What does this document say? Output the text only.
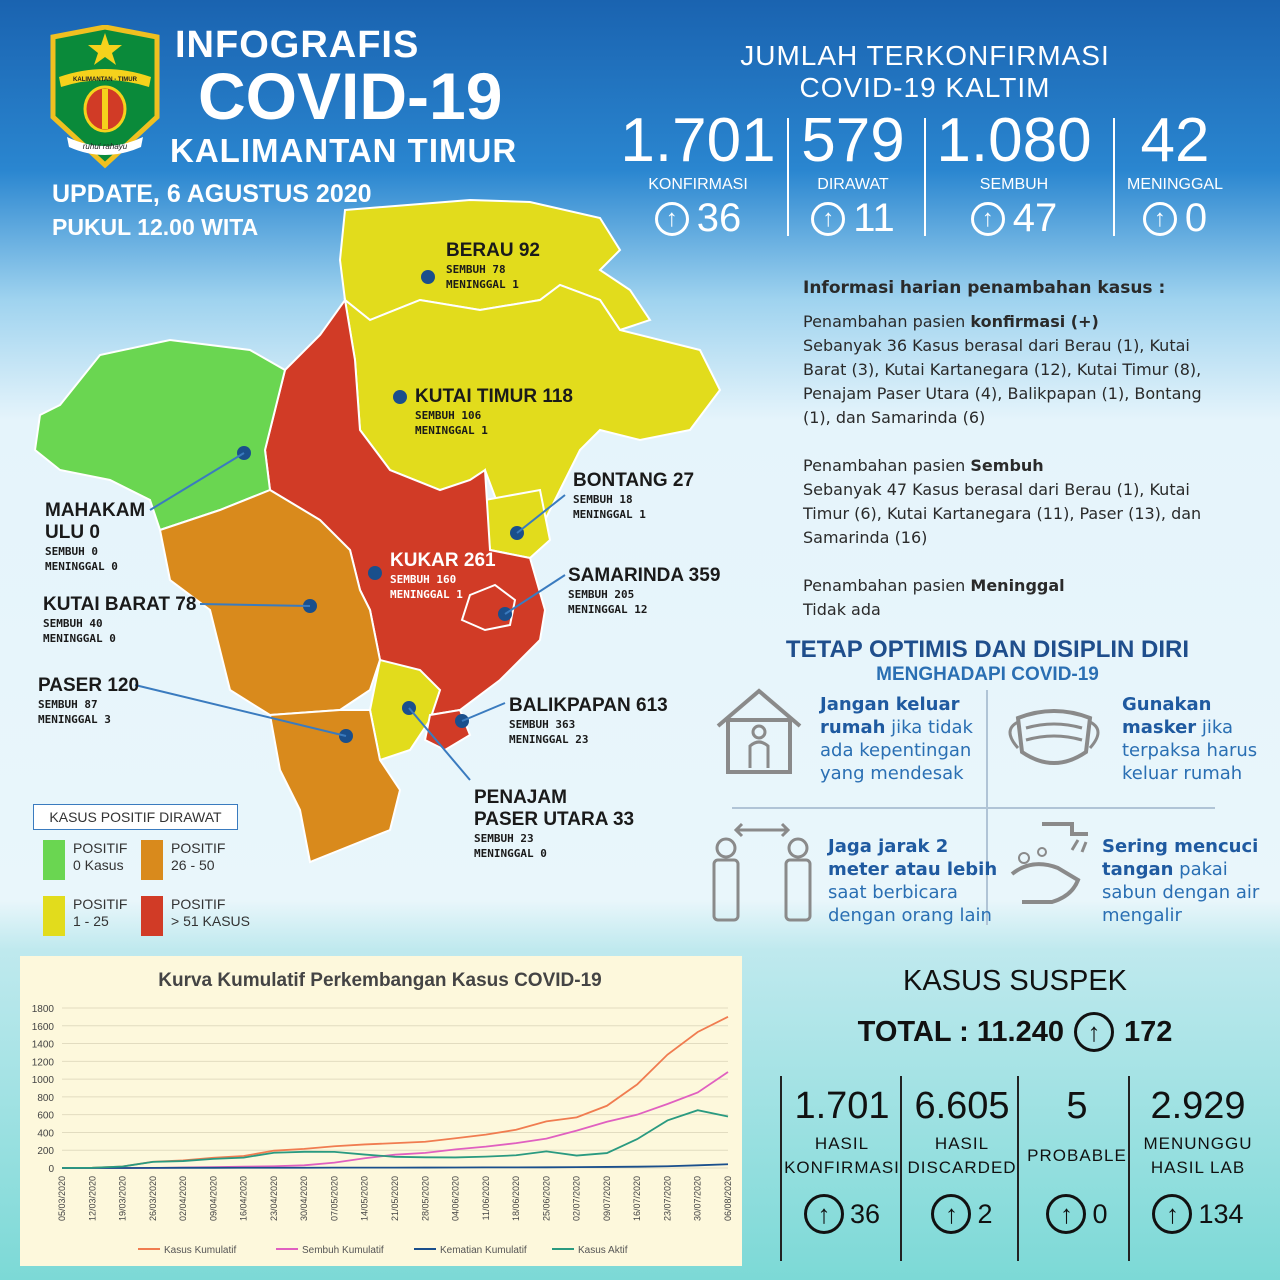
KALIMANTAN - TIMUR
ruhui rahayu
INFOGRAFIS
COVID-19
KALIMANTAN TIMUR
UPDATE, 6 AGUSTUS 2020
PUKUL 12.00 WITA
JUMLAH TERKONFIRMASI
COVID-19 KALTIM
1.701
KONFIRMASI
↑ 36
579
DIRAWAT
↑ 11
1.080
SEMBUH
↑ 47
42
MENINGGAL
↑ 0
BERAU 92
SEMBUH 78
MENINGGAL 1
KUTAI TIMUR 118
SEMBUH 106
MENINGGAL 1
BONTANG 27
SEMBUH 18
MENINGGAL 1
KUKAR 261
SEMBUH 160
MENINGGAL 1
SAMARINDA 359
SEMBUH 205
MENINGGAL 12
MAHAKAM
ULU 0
SEMBUH 0
MENINGGAL 0
KUTAI BARAT 78
SEMBUH 40
MENINGGAL 0
PASER 120
SEMBUH 87
MENINGGAL 3
BALIKPAPAN 613
SEMBUH 363
MENINGGAL 23
PENAJAM
PASER UTARA 33
SEMBUH 23
MENINGGAL 0
KASUS POSITIF DIRAWAT
POSITIF
0 Kasus
POSITIF
26 - 50
POSITIF
1 - 25
POSITIF
> 51 KASUS
Informasi harian penambahan kasus :
Penambahan pasien konfirmasi (+)
Sebanyak 36 Kasus berasal dari Berau (1), Kutai Barat (3), Kutai Kartanegara (12), Kutai Timur (8), Penajam Paser Utara (4), Balikpapan (1), Bontang (1), dan Samarinda (6)
Penambahan pasien Sembuh
Sebanyak 47 Kasus berasal dari Berau (1), Kutai Timur (6), Kutai Kartanegara (11), Paser (13), dan Samarinda (16)
Penambahan pasien Meninggal
Tidak ada
TETAP OPTIMIS DAN DISIPLIN DIRI
MENGHADAPI COVID-19
Jangan keluar
rumah jika tidak
ada kepentingan
yang mendesak
Gunakan
masker jika
terpaksa harus
keluar rumah
Jaga jarak 2
meter atau lebih
saat berbicara
dengan orang lain
Sering mencuci
tangan pakai
sabun dengan air
mengalir
Kurva Kumulatif Perkembangan Kasus COVID-19
0
200
400
600
800
1000
1200
1400
1600
1800
05/03/2020 12/03/2020 19/03/2020 26/03/2020 02/04/2020 09/04/2020 16/04/2020 23/04/2020 30/04/2020 07/05/2020 14/05/2020 21/05/2020 28/05/2020 04/06/2020 11/06/2020 18/06/2020 25/06/2020 02/07/2020 09/07/2020 16/07/2020 23/07/2020 30/07/2020 06/08/2020
Kasus Kumulatif	Sembuh Kumulatif	Kematian Kumulatif	Kasus Aktif
KASUS SUSPEK
TOTAL : 11.240 ↑ 172
1.701
HASIL
KONFIRMASI
↑ 36
6.605
HASIL
DISCARDED
↑ 2
5
PROBABLE
↑ 0
2.929
MENUNGGU
HASIL LAB
↑ 134
